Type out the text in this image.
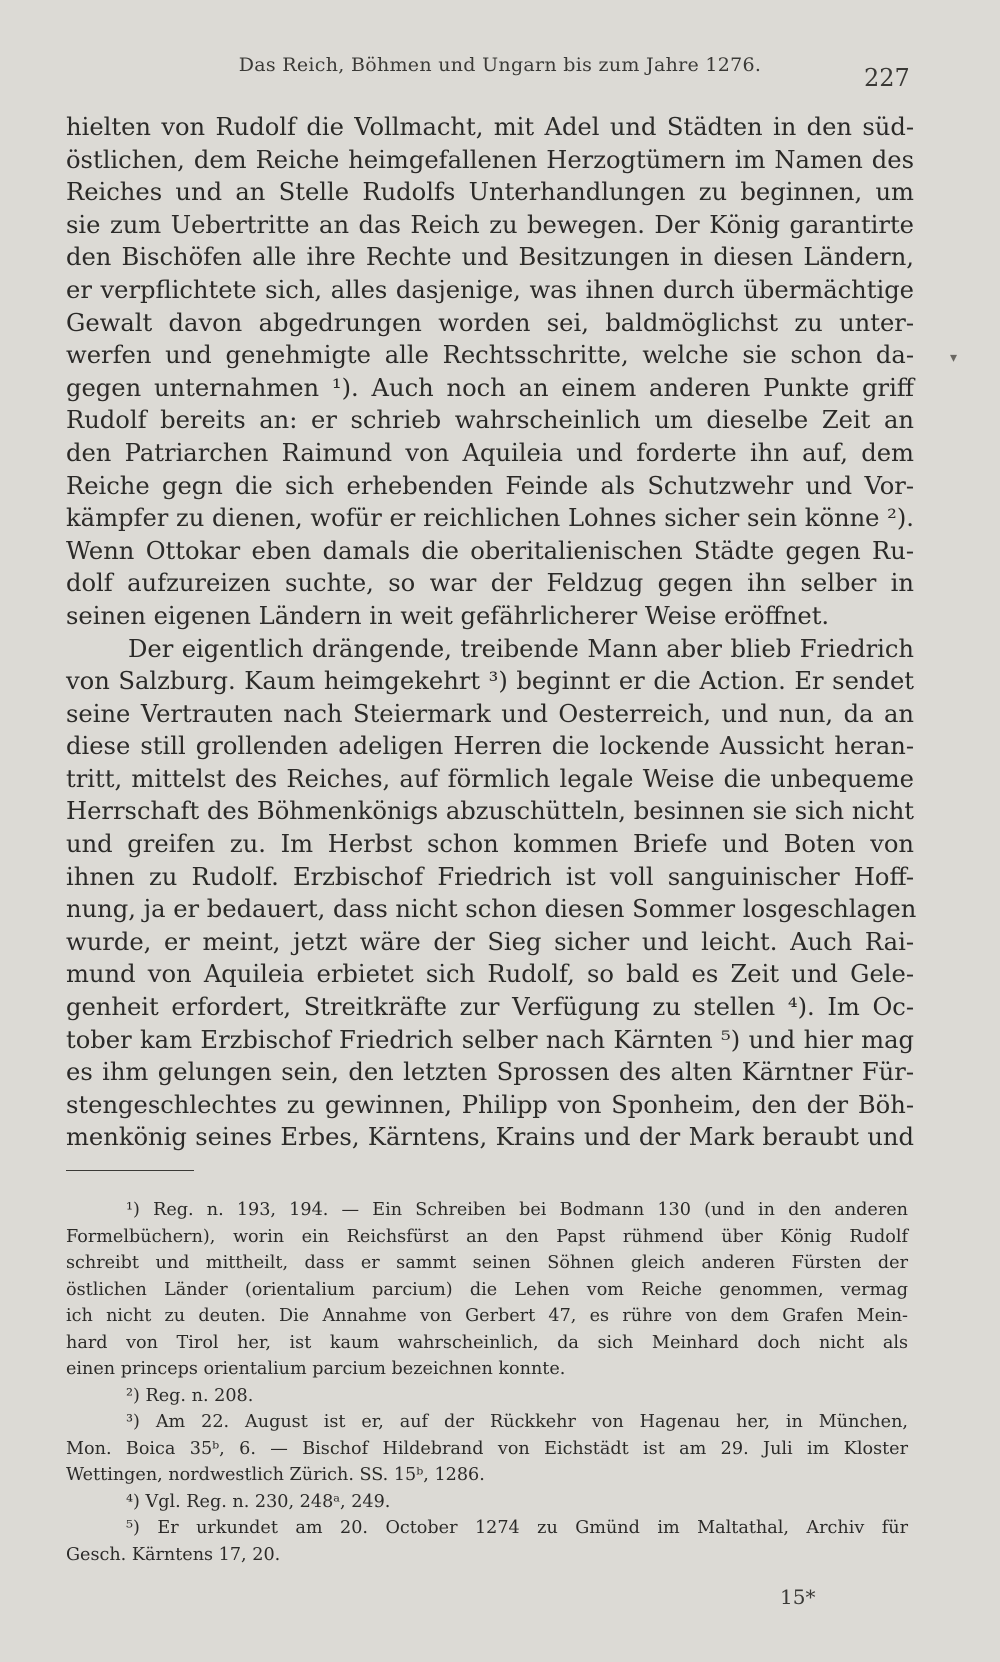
Das Reich, Böhmen und Ungarn bis zum Jahre 1276.	227
hielten von Rudolf die Vollmacht, mit Adel und Städten in den süd-
östlichen, dem Reiche heimgefallenen Herzogtümern im Namen des
Reiches und an Stelle Rudolfs Unterhandlungen zu beginnen, um
sie zum Uebertritte an das Reich zu bewegen. Der König garantirte
den Bischöfen alle ihre Rechte und Besitzungen in diesen Ländern,
er verpflichtete sich, alles dasjenige, was ihnen durch übermächtige
Gewalt davon abgedrungen worden sei, baldmöglichst zu unter-
werfen und genehmigte alle Rechtsschritte, welche sie schon da-
gegen unternahmen ¹). Auch noch an einem anderen Punkte griff
Rudolf bereits an: er schrieb wahrscheinlich um dieselbe Zeit an
den Patriarchen Raimund von Aquileia und forderte ihn auf, dem
Reiche gegn die sich erhebenden Feinde als Schutzwehr und Vor-
kämpfer zu dienen, wofür er reichlichen Lohnes sicher sein könne ²).
Wenn Ottokar eben damals die oberitalienischen Städte gegen Ru-
dolf aufzureizen suchte, so war der Feldzug gegen ihn selber in
seinen eigenen Ländern in weit gefährlicherer Weise eröffnet.
Der eigentlich drängende, treibende Mann aber blieb Friedrich
von Salzburg. Kaum heimgekehrt ³) beginnt er die Action. Er sendet
seine Vertrauten nach Steiermark und Oesterreich, und nun, da an
diese still grollenden adeligen Herren die lockende Aussicht heran-
tritt, mittelst des Reiches, auf förmlich legale Weise die unbequeme
Herrschaft des Böhmenkönigs abzuschütteln, besinnen sie sich nicht
und greifen zu. Im Herbst schon kommen Briefe und Boten von
ihnen zu Rudolf. Erzbischof Friedrich ist voll sanguinischer Hoff-
nung, ja er bedauert, dass nicht schon diesen Sommer losgeschlagen
wurde, er meint, jetzt wäre der Sieg sicher und leicht. Auch Rai-
mund von Aquileia erbietet sich Rudolf, so bald es Zeit und Gele-
genheit erfordert, Streitkräfte zur Verfügung zu stellen ⁴). Im Oc-
tober kam Erzbischof Friedrich selber nach Kärnten ⁵) und hier mag
es ihm gelungen sein, den letzten Sprossen des alten Kärntner Für-
stengeschlechtes zu gewinnen, Philipp von Sponheim, den der Böh-
menkönig seines Erbes, Kärntens, Krains und der Mark beraubt und
¹) Reg. n. 193, 194. — Ein Schreiben bei Bodmann 130 (und in den anderen
Formelbüchern), worin ein Reichsfürst an den Papst rühmend über König Rudolf
schreibt und mittheilt, dass er sammt seinen Söhnen gleich anderen Fürsten der
östlichen Länder (orientalium parcium) die Lehen vom Reiche genommen, vermag
ich nicht zu deuten. Die Annahme von Gerbert 47, es rühre von dem Grafen Mein-
hard von Tirol her, ist kaum wahrscheinlich, da sich Meinhard doch nicht als
einen princeps orientalium parcium bezeichnen konnte.
²) Reg. n. 208.
³) Am 22. August ist er, auf der Rückkehr von Hagenau her, in München,
Mon. Boica 35ᵇ, 6. — Bischof Hildebrand von Eichstädt ist am 29. Juli im Kloster
Wettingen, nordwestlich Zürich. SS. 15ᵇ, 1286.
⁴) Vgl. Reg. n. 230, 248ᵃ, 249.
⁵) Er urkundet am 20. October 1274 zu Gmünd im Maltathal, Archiv für
Gesch. Kärntens 17, 20.
15*
▾
